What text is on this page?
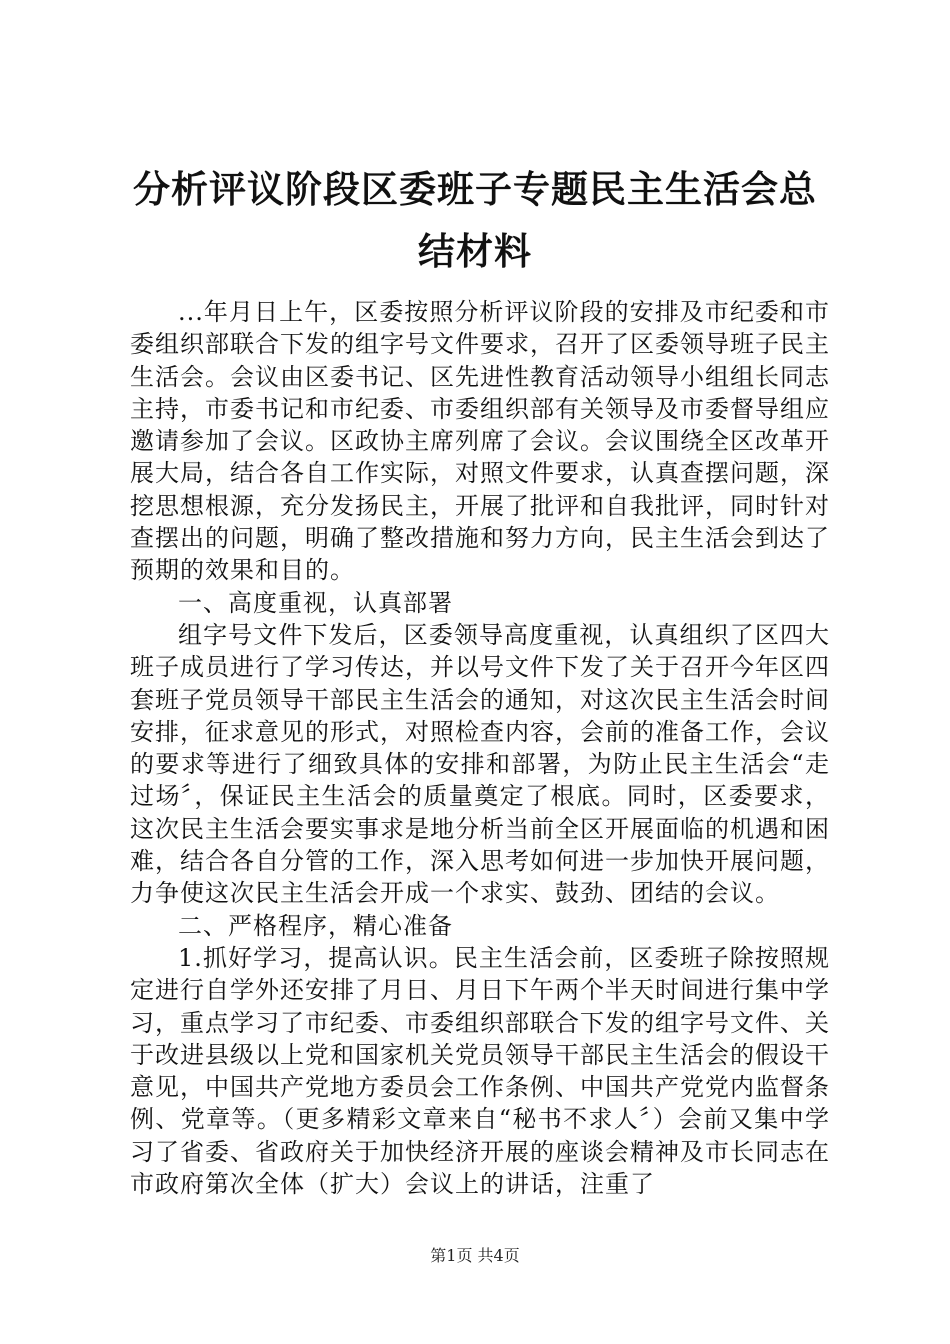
分析评议阶段区委班子专题民主生活会总结材料

...年月日上午，区委按照分析评议阶段的安排及市纪委和市委组织部联合下发的组字号文件要求，召开了区委领导班子民主生活会。会议由区委书记、区先进性教育活动领导小组组长同志主持，市委书记和市纪委、市委组织部有关领导及市委督导组应邀请参加了会议。区政协主席列席了会议。会议围绕全区改革开展大局，结合各自工作实际，对照文件要求，认真查摆问题，深挖思想根源，充分发扬民主，开展了批评和自我批评，同时针对查摆出的问题，明确了整改措施和努力方向，民主生活会到达了预期的效果和目的。

一、高度重视，认真部署

组字号文件下发后，区委领导高度重视，认真组织了区四大班子成员进行了学习传达，并以号文件下发了关于召开今年区四套班子党员领导干部民主生活会的通知，对这次民主生活会时间安排，征求意见的形式，对照检查内容，会前的准备工作，会议的要求等进行了细致具体的安排和部署，为防止民主生活会“走过场〞，保证民主生活会的质量奠定了根底。同时，区委要求，这次民主生活会要实事求是地分析当前全区开展面临的机遇和困难，结合各自分管的工作，深入思考如何进一步加快开展问题，力争使这次民主生活会开成一个求实、鼓劲、团结的会议。

二、严格程序，精心准备

1.抓好学习，提高认识。民主生活会前，区委班子除按照规定进行自学外还安排了月日、月日下午两个半天时间进行集中学习，重点学习了市纪委、市委组织部联合下发的组字号文件、关于改进县级以上党和国家机关党员领导干部民主生活会的假设干意见，中国共产党地方委员会工作条例、中国共产党党内监督条例、党章等。（更多精彩文章来自“秘书不求人〞）会前又集中学习了省委、省政府关于加快经济开展的座谈会精神及市长同志在市政府第次全体（扩大）会议上的讲话，注重了

第1页 共4页
